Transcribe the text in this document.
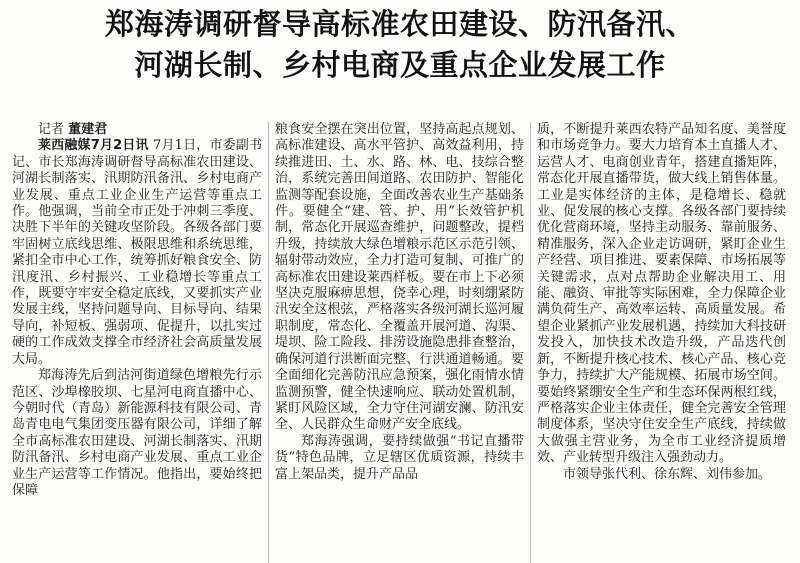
郑海涛调研督导高标准农田建设、防汛备汛、
河湖长制、乡村电商及重点企业发展工作

记者 董建君

莱西融媒7月2日讯 7月1日，市委副书记、市长郑海涛调研督导高标准农田建设、河湖长制落实、汛期防汛备汛、乡村电商产业发展、重点工业企业生产运营等重点工作。他强调，当前全市正处于冲刺三季度、决胜下半年的关键攻坚阶段。各级各部门要牢固树立底线思维、极限思维和系统思维，紧扣全市中心工作，统筹抓好粮食安全、防汛度汛、乡村振兴、工业稳增长等重点工作，既要守牢安全稳定底线，又要抓实产业发展主线，坚持问题导向、目标导向、结果导向，补短板、强弱项、促提升，以扎实过硬的工作成效支撑全市经济社会高质量发展大局。

郑海涛先后到沽河街道绿色增粮先行示范区、沙埠橡胶坝、七星河电商直播中心、今朝时代（青岛）新能源科技有限公司、青岛青电电气集团变压器有限公司，详细了解全市高标准农田建设、河湖长制落实、汛期防汛备汛、乡村电商产业发展、重点工业企业生产运营等工作情况。他指出，要始终把保障

粮食安全摆在突出位置，坚持高起点规划、高标准建设、高水平管护、高效益利用，持续推进田、土、水、路、林、电、技综合整治，系统完善田间道路、农田防护、智能化监测等配套设施，全面改善农业生产基础条件。要健全“建、管、护、用”长效管护机制，常态化开展巡查维护，问题整改，提档升级，持续放大绿色增粮示范区示范引领、辐射带动效应，全力打造可复制、可推广的高标准农田建设莱西样板。要在市上下必须坚决克服麻痹思想，侥幸心理，时刻绷紧防汛安全这根弦，严格落实各级河湖长巡河履职制度，常态化、全覆盖开展河道、沟渠、堤坝、险工险段、排涝设施隐患排查整治，确保河道行洪断面完整、行洪通道畅通。要全面细化完善防汛应急预案，强化雨情水情监测预警，健全快速响应、联动处置机制，紧盯风险区域，全力守住河湖安澜、防汛安全、人民群众生命财产安全底线。

郑海涛强调，要持续做强“书记直播带货”特色品牌，立足辖区优质资源，持续丰富上架品类，提升产品品

质，不断提升莱西农特产品知名度、美誉度和市场竞争力。要大力培育本土直播人才、运营人才、电商创业青年，搭建直播矩阵，常态化开展直播带货，做大线上销售体量。工业是实体经济的主体，是稳增长、稳就业、促发展的核心支撑。各级各部门要持续优化营商环境，坚持主动服务、靠前服务、精准服务，深入企业走访调研，紧盯企业生产经营、项目推进、要素保障、市场拓展等关键需求，点对点帮助企业解决用工、用能、融资、审批等实际困难，全力保障企业满负荷生产、高效率运转、高质量发展。希望企业紧抓产业发展机遇，持续加大科技研发投入，加快技术改造升级，产品迭代创新，不断提升核心技术、核心产品、核心竞争力，持续扩大产能规模、拓展市场空间。要始终紧绷安全生产和生态环保两根红线，严格落实企业主体责任，健全完善安全管理制度体系，坚决守住安全生产底线，持续做大做强主营业务，为全市工业经济提质增效、产业转型升级注入强劲动力。

市领导张代利、徐东辉、刘伟参加。
